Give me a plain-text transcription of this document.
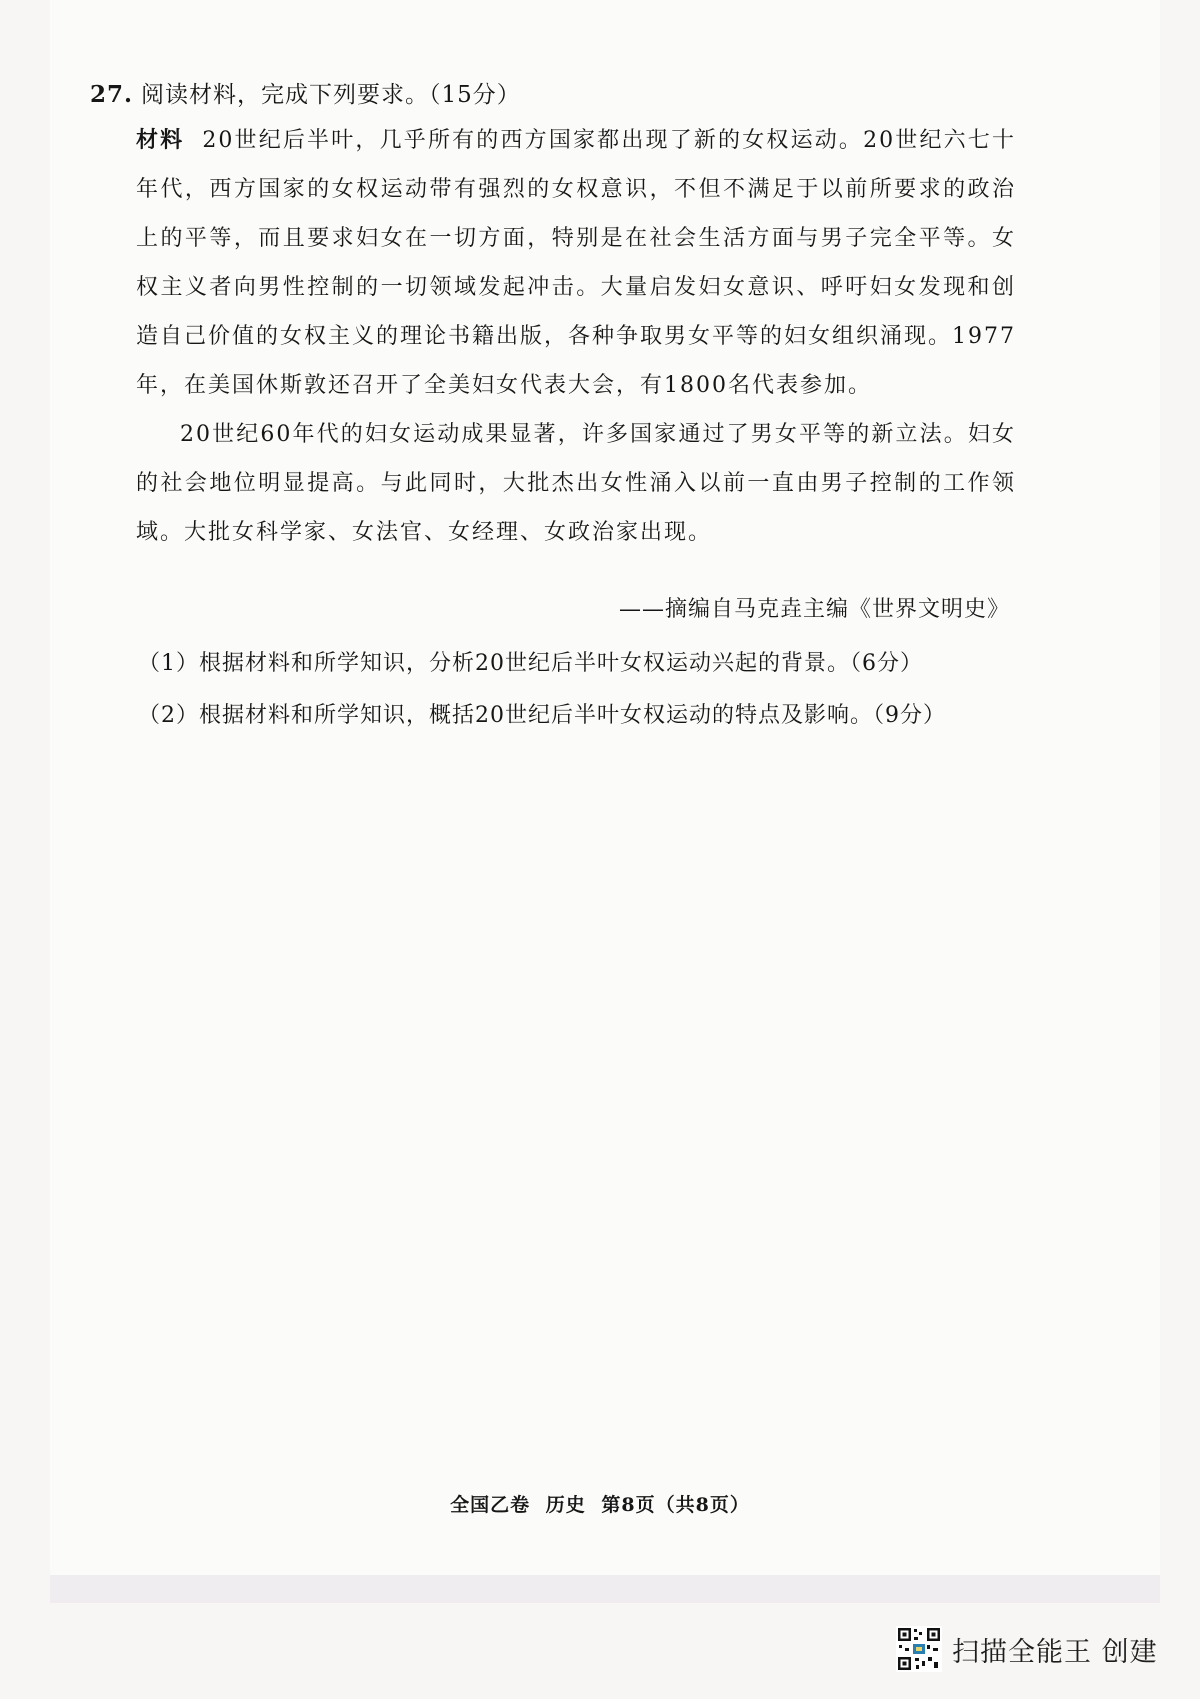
27. 阅读材料，完成下列要求。（15分）

材料 20世纪后半叶，几乎所有的西方国家都出现了新的女权运动。20世纪六七十年代，西方国家的女权运动带有强烈的女权意识，不但不满足于以前所要求的政治上的平等，而且要求妇女在一切方面，特别是在社会生活方面与男子完全平等。女权主义者向男性控制的一切领域发起冲击。大量启发妇女意识、呼吁妇女发现和创造自己价值的女权主义的理论书籍出版，各种争取男女平等的妇女组织涌现。1977 年，在美国休斯敦还召开了全美妇女代表大会，有1800名代表参加。

20世纪60年代的妇女运动成果显著，许多国家通过了男女平等的新立法。妇女的社会地位明显提高。与此同时，大批杰出女性涌入以前一直由男子控制的工作领域。大批女科学家、女法官、女经理、女政治家出现。

——摘编自马克垚主编《世界文明史》
（1）根据材料和所学知识，分析20世纪后半叶女权运动兴起的背景。（6分）
（2）根据材料和所学知识，概括20世纪后半叶女权运动的特点及影响。（9分）
全国乙卷 历史 第8页（共8页）
扫描全能王 创建
